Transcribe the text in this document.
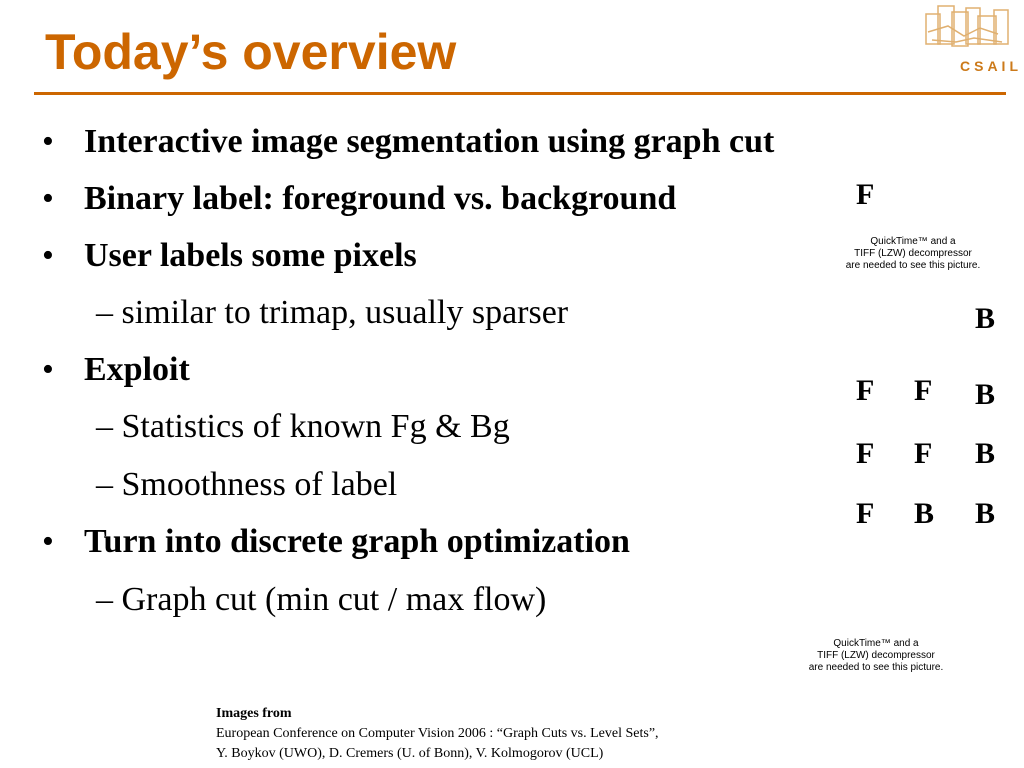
Today’s overview	CSAIL
• Interactive image segmentation using graph cut
• Binary label: foreground vs. background
• User labels some pixels
– similar to trimap, usually sparser
• Exploit
– Statistics of known Fg & Bg
– Smoothness of label
• Turn into discrete graph optimization
– Graph cut (min cut / max flow)
F
B
F F B
F F B
F B B
QuickTime™ and a
TIFF (LZW) decompressor
are needed to see this picture.
QuickTime™ and a
TIFF (LZW) decompressor
are needed to see this picture.
Images from
European Conference on Computer Vision 2006 : “Graph Cuts vs. Level Sets”,
Y. Boykov (UWO), D. Cremers (U. of Bonn), V. Kolmogorov (UCL)
